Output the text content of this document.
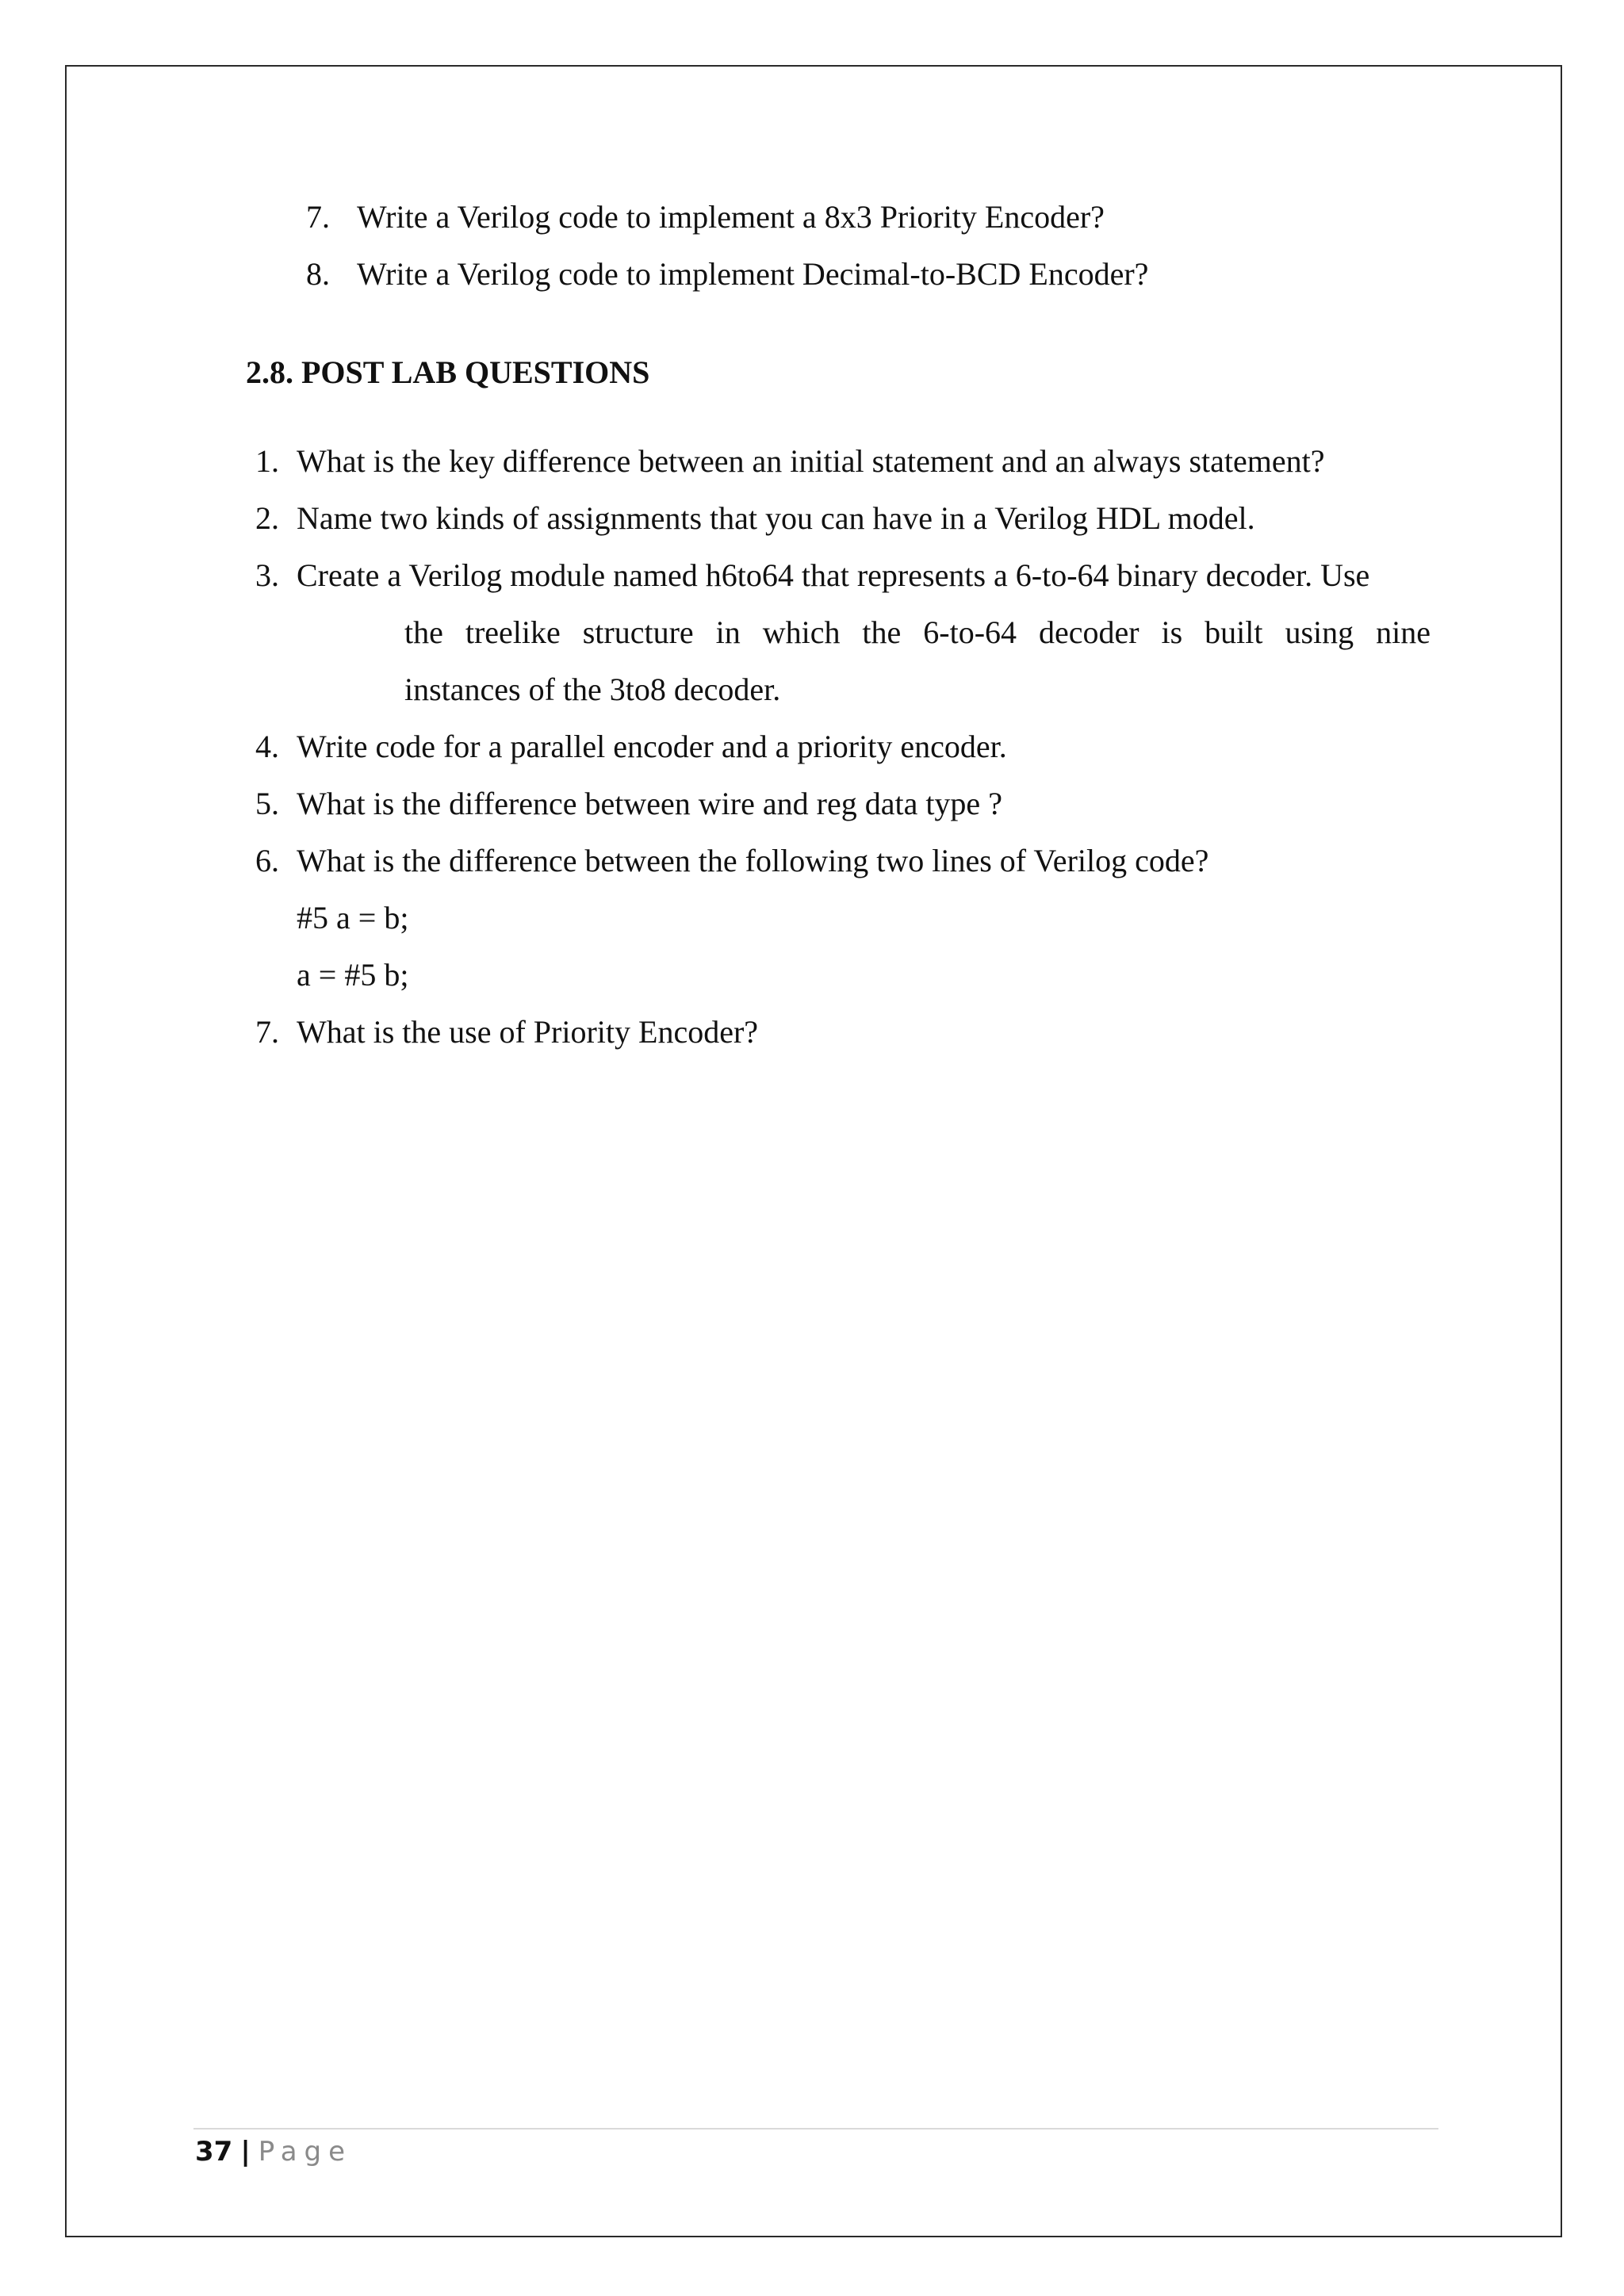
7. Write a Verilog code to implement a 8x3 Priority Encoder?
8. Write a Verilog code to implement Decimal-to-BCD Encoder?
2.8. POST LAB QUESTIONS
1. What is the key difference between an initial statement and an always statement?
2. Name two kinds of assignments that you can have in a Verilog HDL model.
3. Create a Verilog module named h6to64 that represents a 6-to-64 binary decoder. Use
the treelike structure in which the 6-to-64 decoder is built using nine
instances of the 3to8 decoder.
4. Write code for a parallel encoder and a priority encoder.
5. What is the difference between wire and reg data type ?
6. What is the difference between the following two lines of Verilog code?
#5 a = b;
a = #5 b;
7. What is the use of Priority Encoder?
37 | Page
